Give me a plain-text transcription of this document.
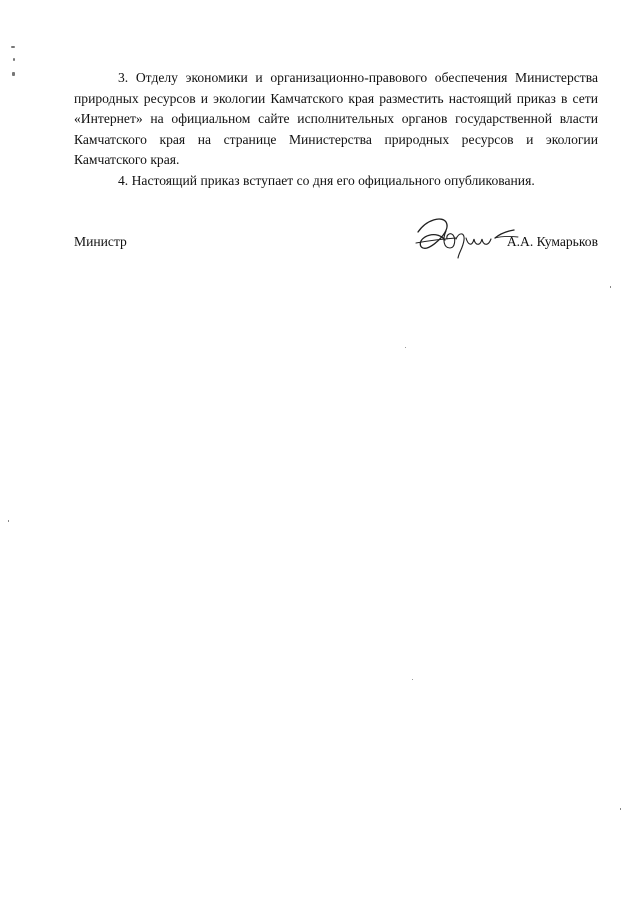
3. Отделу экономики и организационно-правового обеспечения Министерства природных ресурсов и экологии Камчатского края разместить настоящий приказ в сети «Интернет» на официальном сайте исполнительных органов государственной власти Камчатского края на странице Министерства природных ресурсов и экологии Камчатского края.

4. Настоящий приказ вступает со дня его официального опубликования.

Министр	А.А. Кумарьков
